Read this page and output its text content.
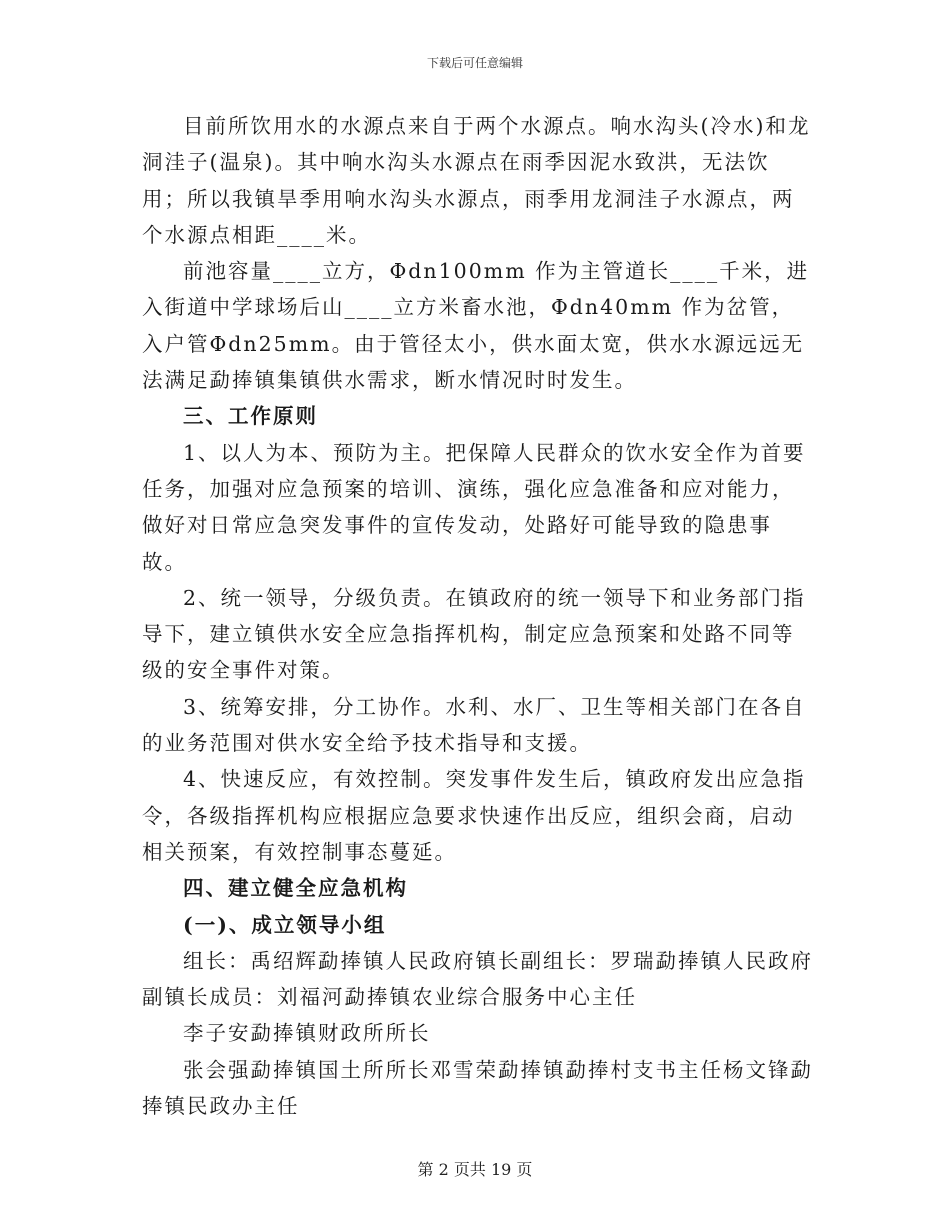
下载后可任意编辑

目前所饮用水的水源点来自于两个水源点。响水沟头(冷水)和龙洞洼子(温泉)。其中响水沟头水源点在雨季因泥水致洪，无法饮用；所以我镇旱季用响水沟头水源点，雨季用龙洞洼子水源点，两个水源点相距____米。

前池容量____立方，Φdn100mm 作为主管道长____千米，进入街道中学球场后山____立方米畜水池，Φdn40mm 作为岔管，入户管Φdn25mm。由于管径太小，供水面太宽，供水水源远远无法满足勐捧镇集镇供水需求，断水情况时时发生。

三、工作原则

1、以人为本、预防为主。把保障人民群众的饮水安全作为首要任务，加强对应急预案的培训、演练，强化应急准备和应对能力，做好对日常应急突发事件的宣传发动，处路好可能导致的隐患事故。

2、统一领导，分级负责。在镇政府的统一领导下和业务部门指导下，建立镇供水安全应急指挥机构，制定应急预案和处路不同等级的安全事件对策。

3、统筹安排，分工协作。水利、水厂、卫生等相关部门在各自的业务范围对供水安全给予技术指导和支援。

4、快速反应，有效控制。突发事件发生后，镇政府发出应急指令，各级指挥机构应根据应急要求快速作出反应，组织会商，启动相关预案，有效控制事态蔓延。

四、建立健全应急机构

(一)、成立领导小组

组长：禹绍辉勐捧镇人民政府镇长副组长：罗瑞勐捧镇人民政府副镇长成员：刘福河勐捧镇农业综合服务中心主任

李子安勐捧镇财政所所长

张会强勐捧镇国土所所长邓雪荣勐捧镇勐捧村支书主任杨文锋勐捧镇民政办主任

第 2 页共 19 页
